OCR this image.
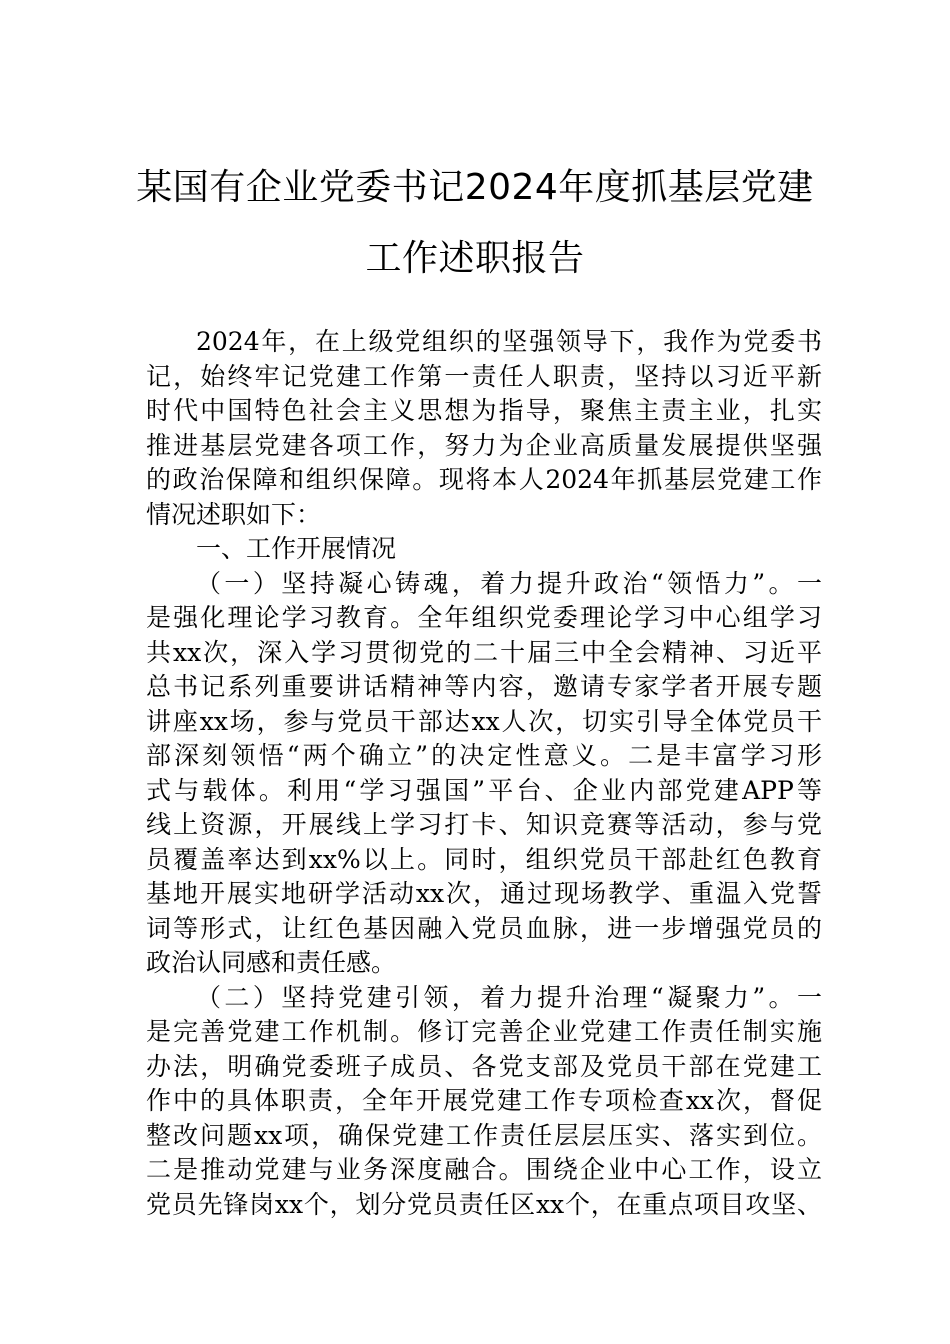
某国有企业党委书记2024年度抓基层党建
工作述职报告
2024年，在上级党组织的坚强领导下，我作为党委书
记，始终牢记党建工作第一责任人职责，坚持以习近平新
时代中国特色社会主义思想为指导，聚焦主责主业，扎实
推进基层党建各项工作，努力为企业高质量发展提供坚强
的政治保障和组织保障。现将本人2024年抓基层党建工作
情况述职如下：
一、工作开展情况
（一）坚持凝心铸魂，着力提升政治“领悟力”。一
是强化理论学习教育。全年组织党委理论学习中心组学习
共xx次，深入学习贯彻党的二十届三中全会精神、习近平
总书记系列重要讲话精神等内容，邀请专家学者开展专题
讲座xx场，参与党员干部达xx人次，切实引导全体党员干
部深刻领悟“两个确立”的决定性意义。二是丰富学习形
式与载体。利用“学习强国”平台、企业内部党建APP等
线上资源，开展线上学习打卡、知识竞赛等活动，参与党
员覆盖率达到xx%以上。同时，组织党员干部赴红色教育
基地开展实地研学活动xx次，通过现场教学、重温入党誓
词等形式，让红色基因融入党员血脉，进一步增强党员的
政治认同感和责任感。
（二）坚持党建引领，着力提升治理“凝聚力”。一
是完善党建工作机制。修订完善企业党建工作责任制实施
办法，明确党委班子成员、各党支部及党员干部在党建工
作中的具体职责，全年开展党建工作专项检查xx次，督促
整改问题xx项，确保党建工作责任层层压实、落实到位。
二是推动党建与业务深度融合。围绕企业中心工作，设立
党员先锋岗xx个，划分党员责任区xx个，在重点项目攻坚、
